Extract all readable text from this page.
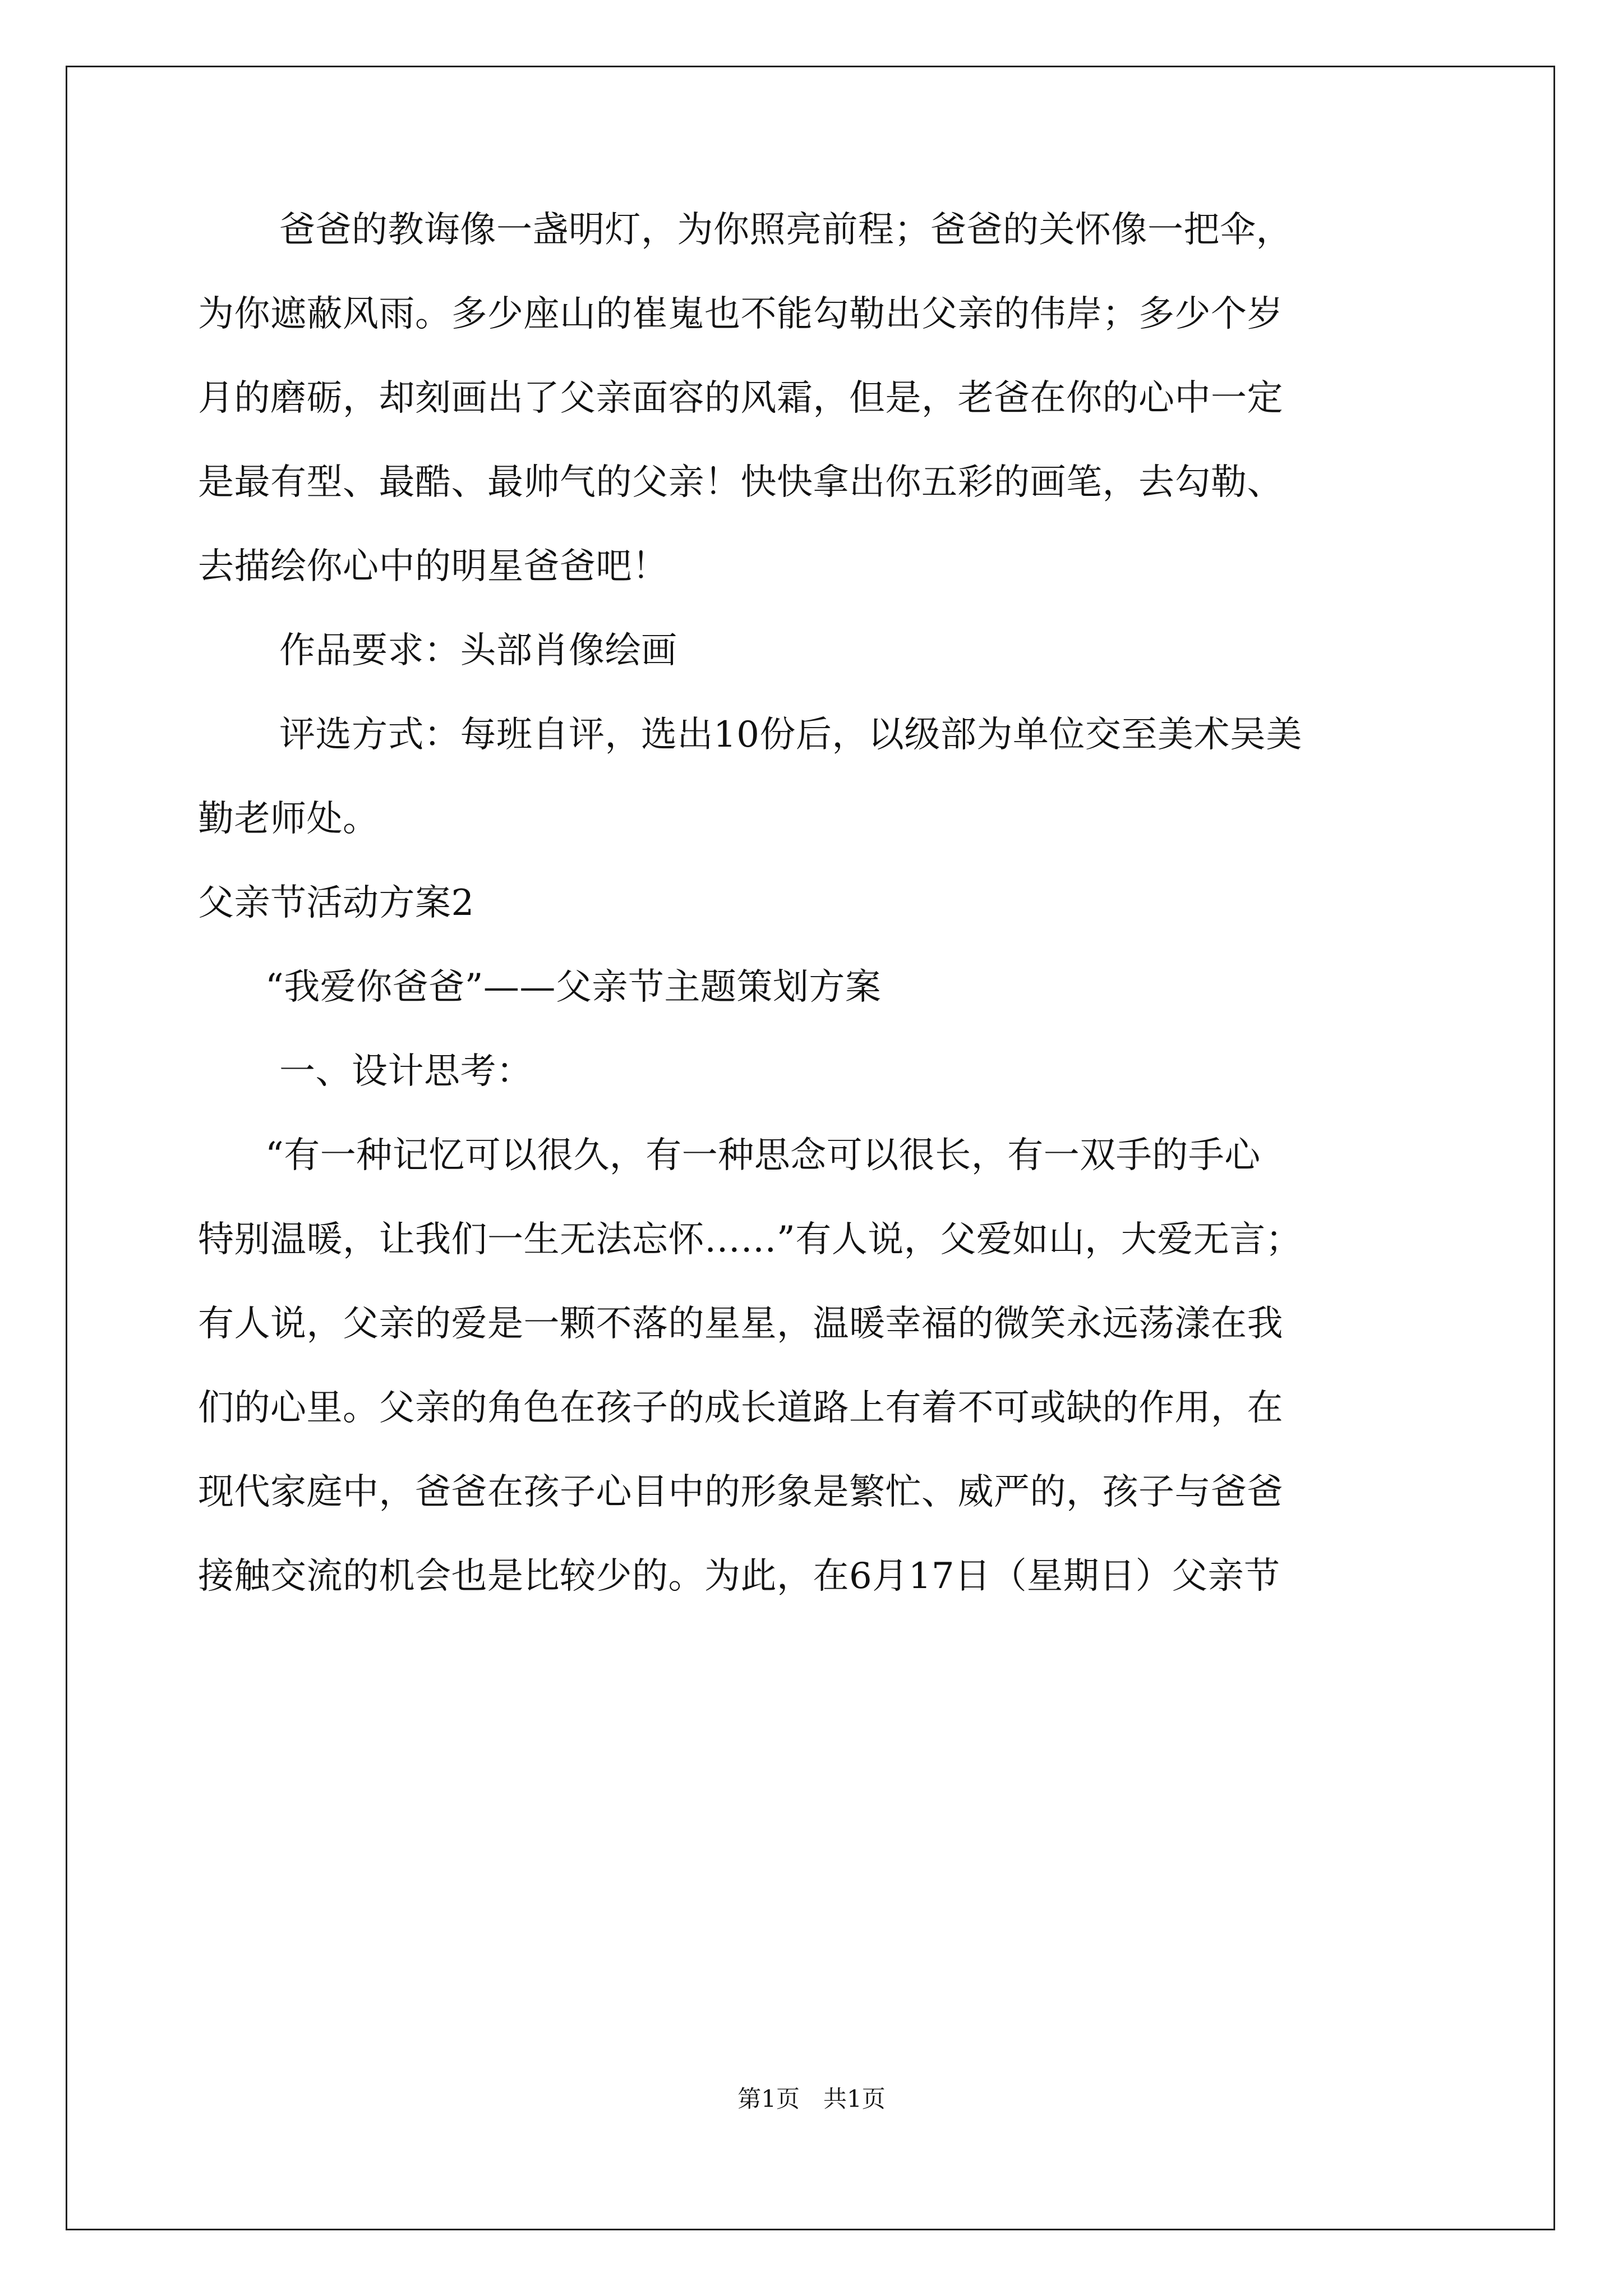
爸爸的教诲像一盏明灯，为你照亮前程；爸爸的关怀像一把伞，
为你遮蔽风雨。多少座山的崔嵬也不能勾勒出父亲的伟岸；多少个岁
月的磨砺，却刻画出了父亲面容的风霜，但是，老爸在你的心中一定
是最有型、最酷、最帅气的父亲！快快拿出你五彩的画笔，去勾勒、
去描绘你心中的明星爸爸吧！
作品要求：头部肖像绘画
评选方式：每班自评，选出10份后，以级部为单位交至美术吴美
勤老师处。
父亲节活动方案2
“我爱你爸爸”——父亲节主题策划方案
一、设计思考：
“有一种记忆可以很久，有一种思念可以很长，有一双手的手心
特别温暖，让我们一生无法忘怀……”有人说，父爱如山，大爱无言；
有人说，父亲的爱是一颗不落的星星，温暖幸福的微笑永远荡漾在我
们的心里。父亲的角色在孩子的成长道路上有着不可或缺的作用，在
现代家庭中，爸爸在孩子心目中的形象是繁忙、威严的，孩子与爸爸
接触交流的机会也是比较少的。为此，在6月17日（星期日）父亲节
第1页　共1页
